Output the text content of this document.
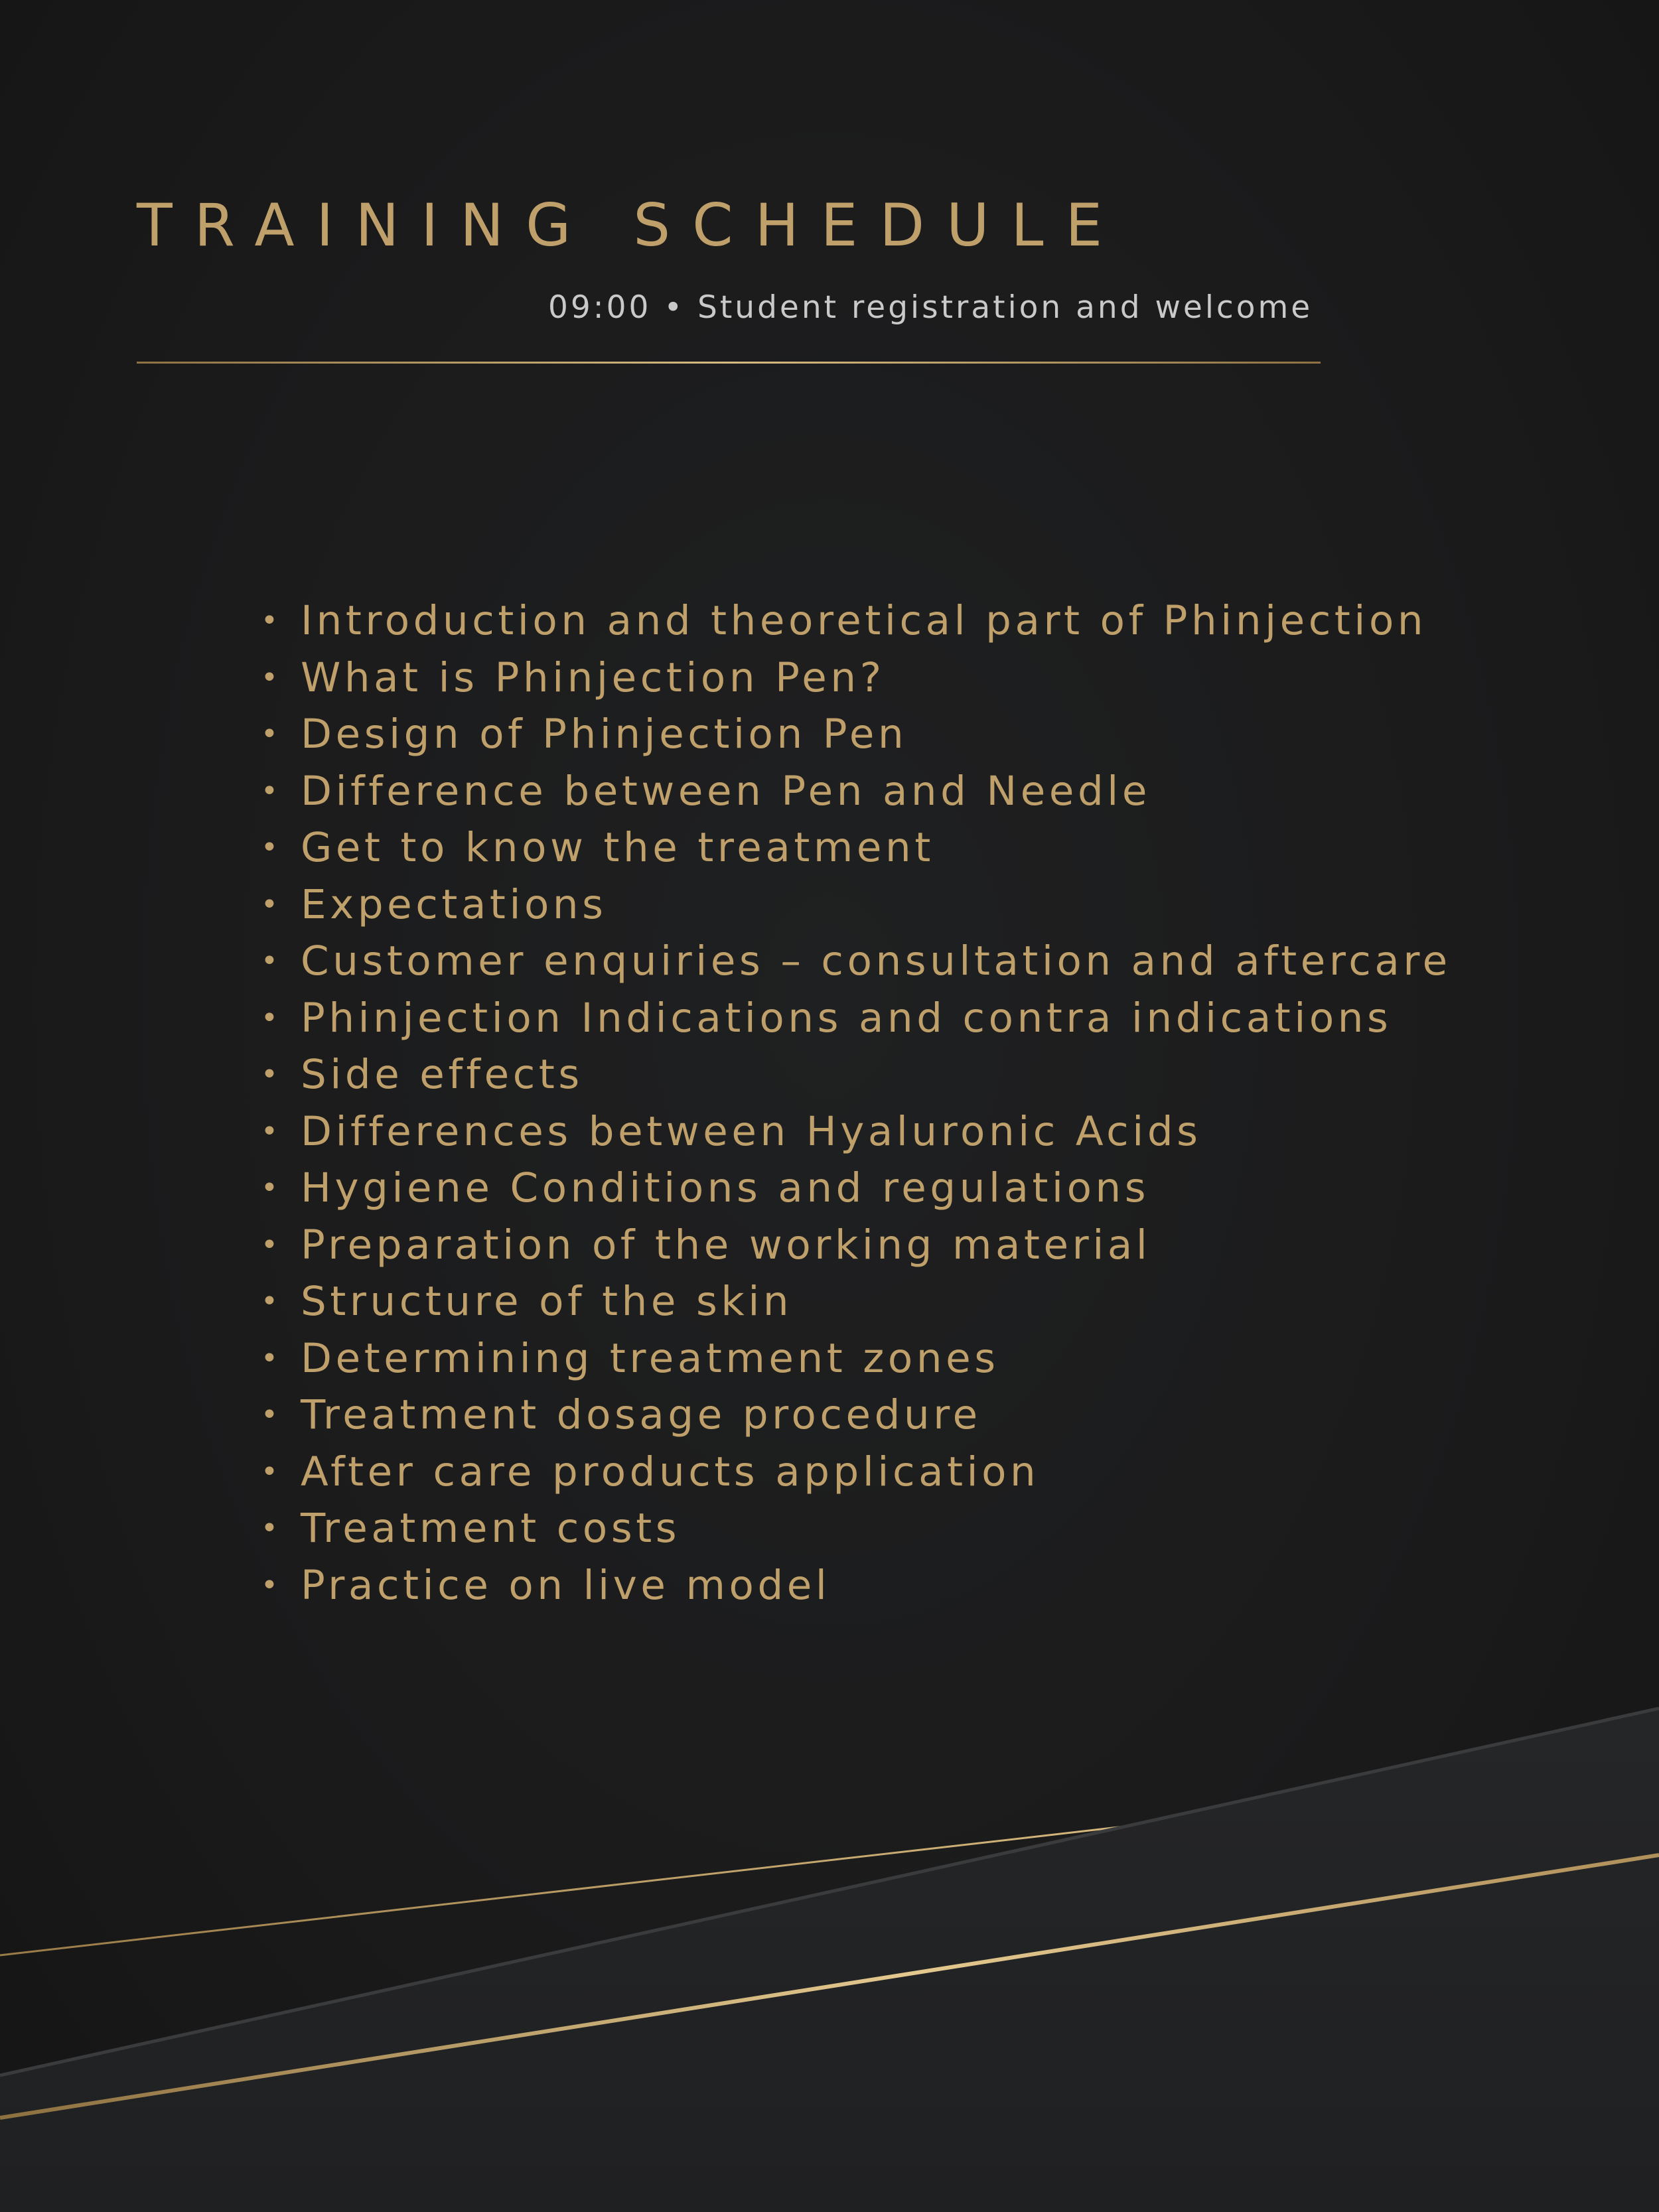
TRAINING SCHEDULE
09:00 • Student registration and welcome
• Introduction and theoretical part of Phinjection
• What is Phinjection Pen?
• Design of Phinjection Pen
• Difference between Pen and Needle
• Get to know the treatment
• Expectations
• Customer enquiries – consultation and aftercare
• Phinjection Indications and contra indications
• Side effects
• Differences between Hyaluronic Acids
• Hygiene Conditions and regulations
• Preparation of the working material
• Structure of the skin
• Determining treatment zones
• Treatment dosage procedure
• After care products application
• Treatment costs
• Practice on live model
